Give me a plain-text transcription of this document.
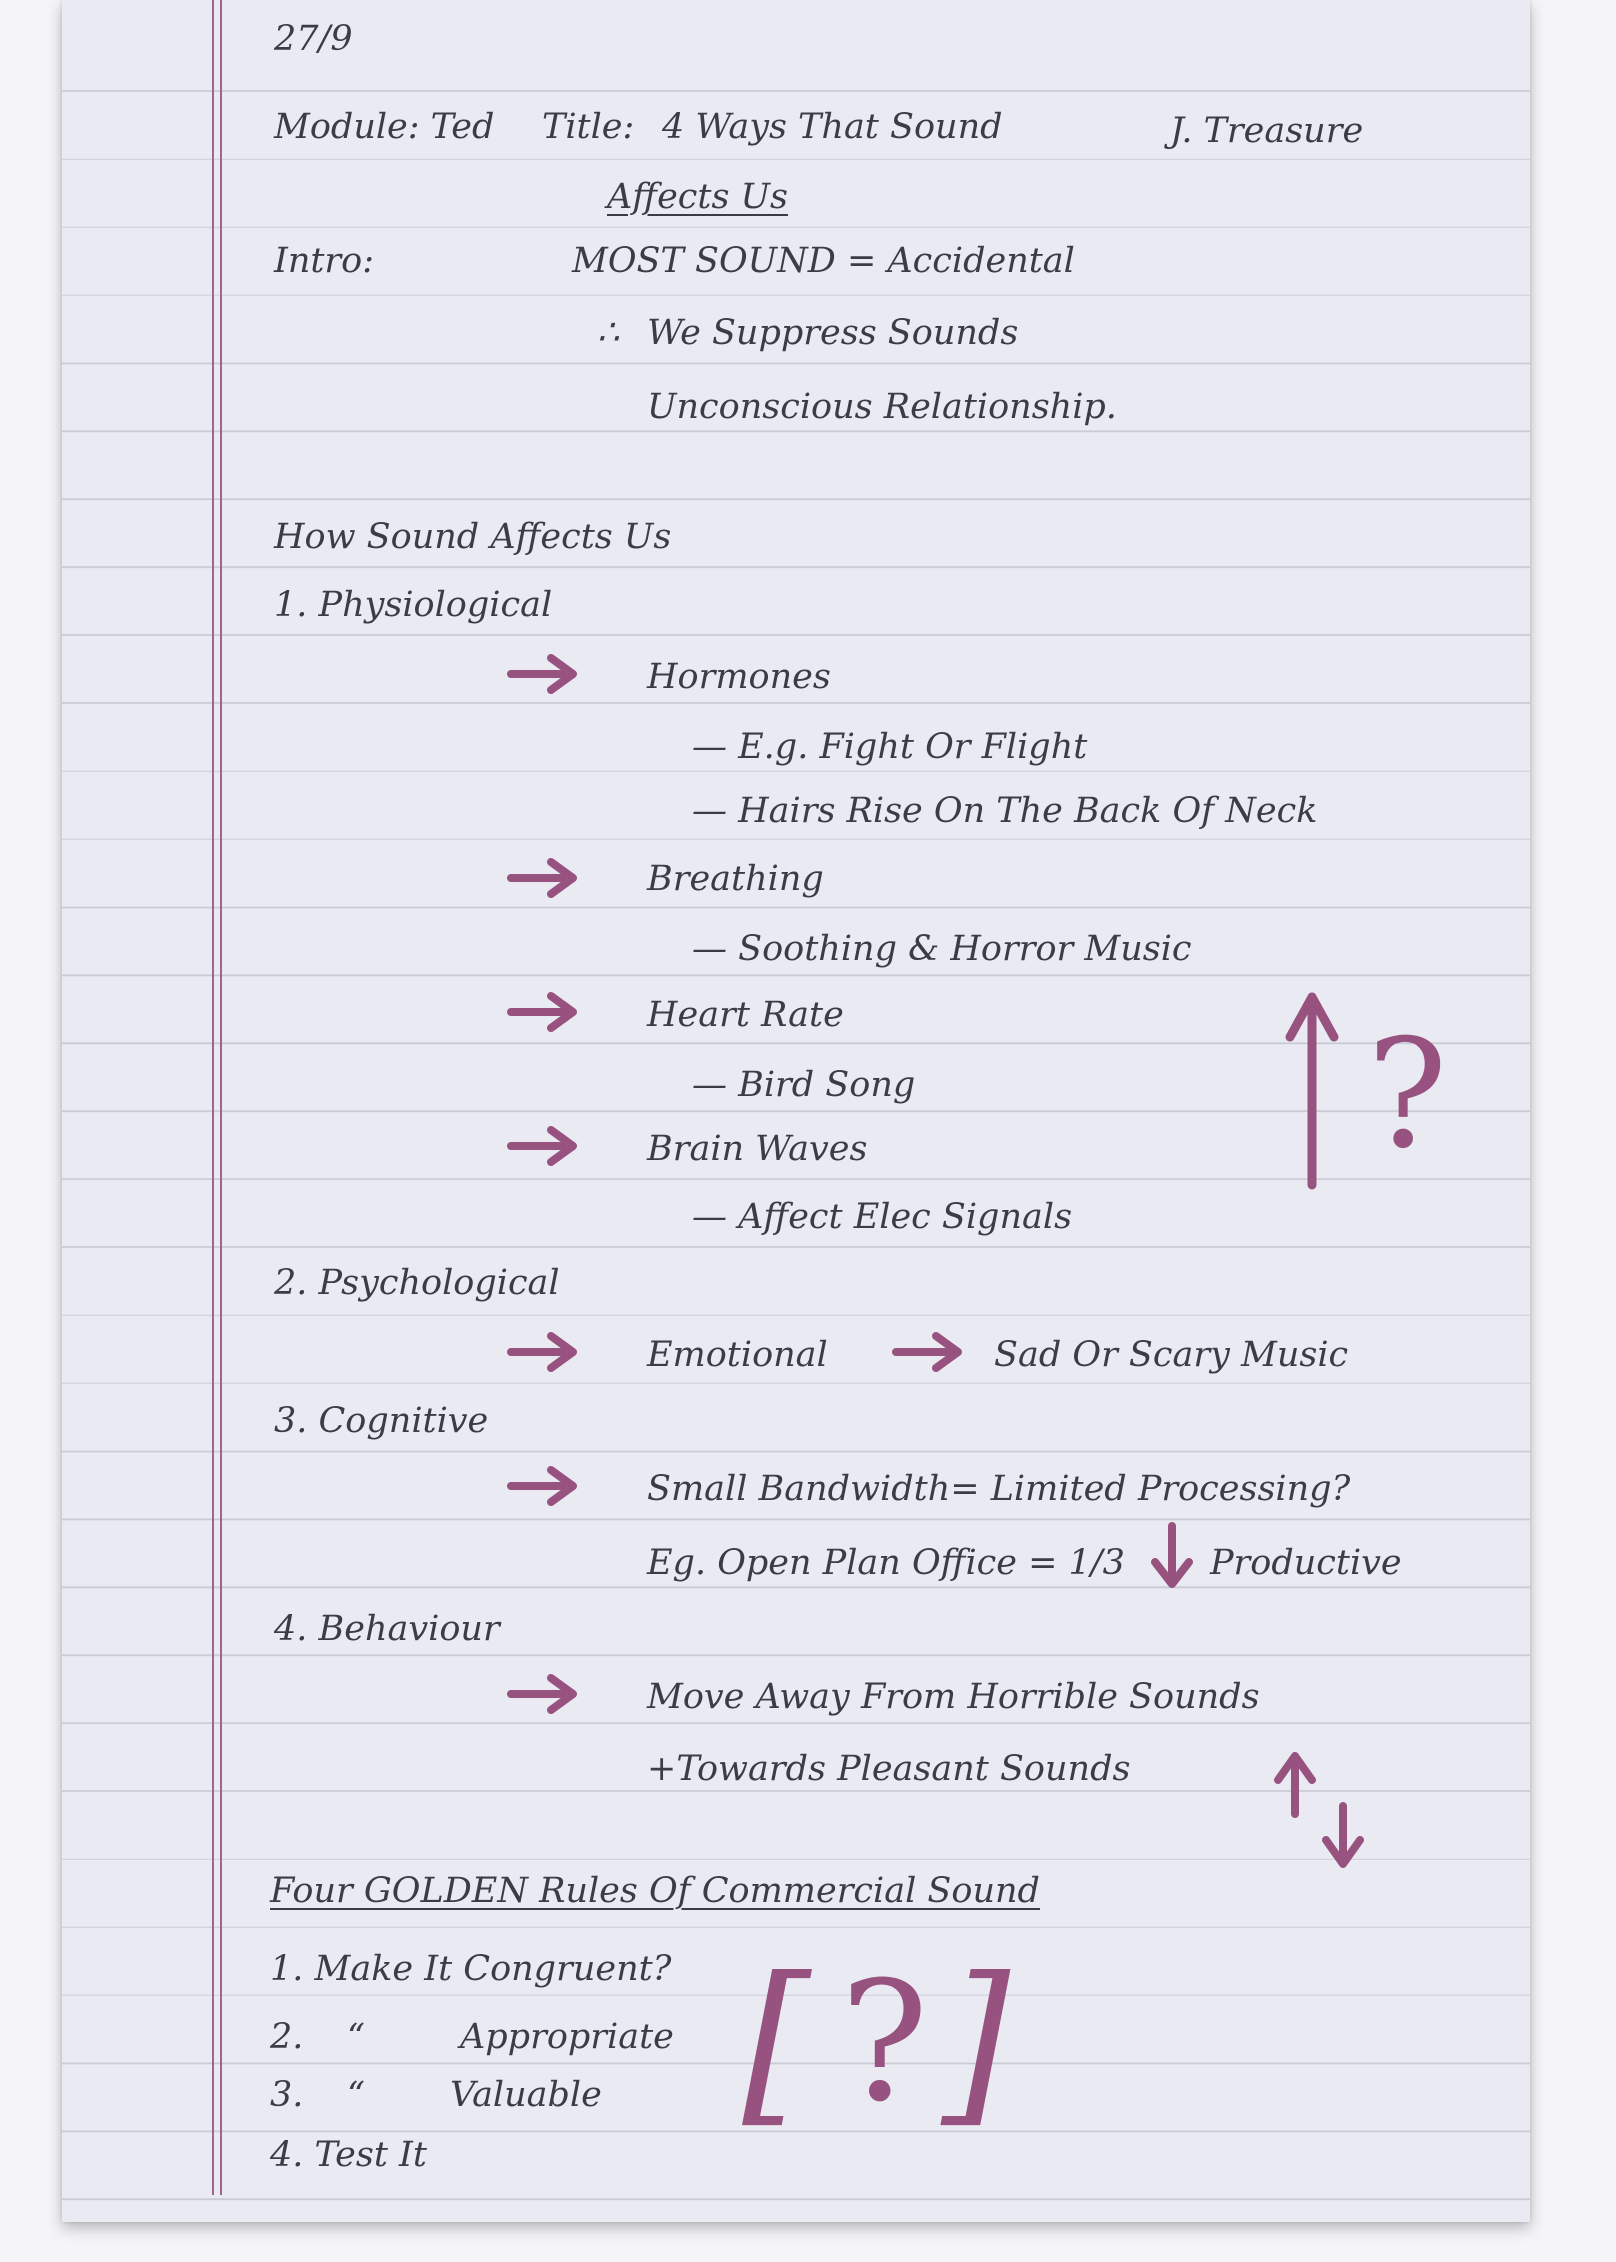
27/9
Module: Ted Title: 4 Ways That Sound
Affects Us
J. Treasure
Intro:	MOST SOUND = Accidental
∴ We Suppress Sounds
Unconscious Relationship.
How Sound Affects Us
1. Physiological
Hormones
— E.g. Fight Or Flight
— Hairs Rise On The Back Of Neck
Breathing
— Soothing & Horror Music
Heart Rate
— Bird Song
Brain Waves
— Affect Elec Signals
?
2. Psychological
Emotional	Sad Or Scary Music
3. Cognitive
Small Bandwidth= Limited Processing?
Eg. Open Plan Office = 1/3 Productive
4. Behaviour
Move Away From Horrible Sounds
+Towards Pleasant Sounds
Four GOLDEN Rules Of Commercial Sound
1. Make It Congruent?
2. “	Appropriate
3. “ Valuable
4. Test It
[ ? ]
